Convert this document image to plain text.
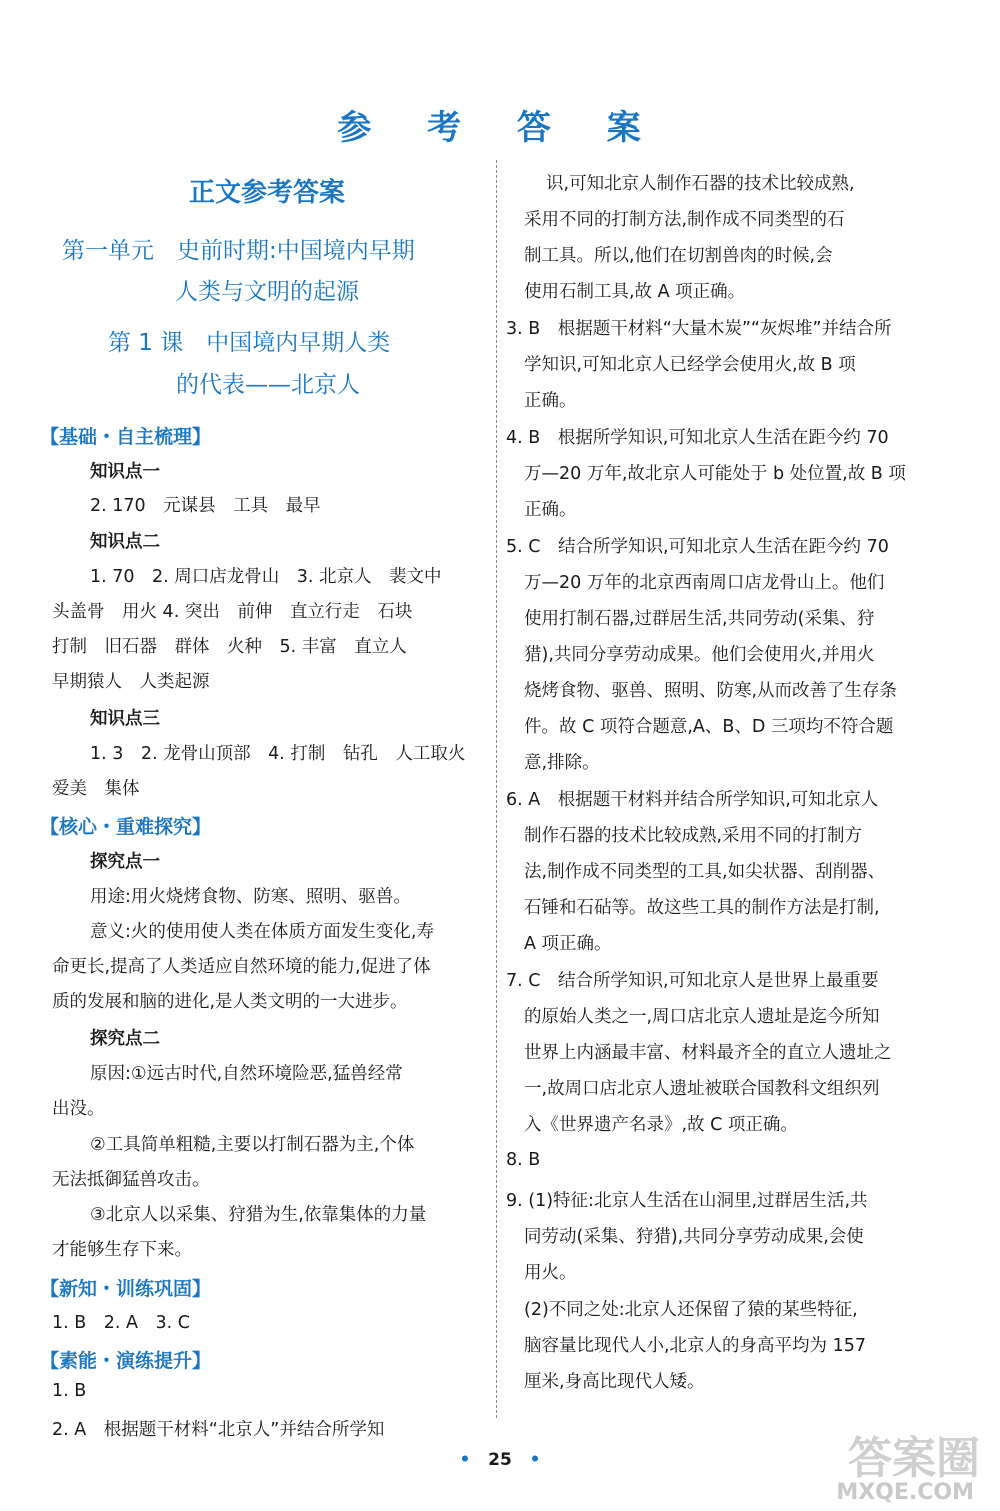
参 考 答 案
正文参考答案
第一单元　史前时期:中国境内早期
人类与文明的起源
第 1 课　中国境内早期人类
的代表——北京人
【基础・自主梳理】
知识点一
2. 170　元谋县　工具　最早
知识点二
1. 70　2. 周口店龙骨山　3. 北京人　裴文中
头盖骨　用火 4. 突出　前伸　直立行走　石块
打制　旧石器　群体　火种　5. 丰富　直立人
早期猿人　人类起源
知识点三
1. 3　2. 龙骨山顶部　4. 打制　钻孔　人工取火
爱美　集体
【核心・重难探究】
探究点一
用途:用火烧烤食物、防寒、照明、驱兽。
意义:火的使用使人类在体质方面发生变化,寿
命更长,提高了人类适应自然环境的能力,促进了体
质的发展和脑的进化,是人类文明的一大进步。
探究点二
原因:①远古时代,自然环境险恶,猛兽经常
出没。
②工具简单粗糙,主要以打制石器为主,个体
无法抵御猛兽攻击。
③北京人以采集、狩猎为生,依靠集体的力量
才能够生存下来。
【新知・训练巩固】
1. B　2. A　3. C
【素能・演练提升】
1. B
2. A　根据题干材料“北京人”并结合所学知
识,可知北京人制作石器的技术比较成熟,
采用不同的打制方法,制作成不同类型的石
制工具。所以,他们在切割兽肉的时候,会
使用石制工具,故 A 项正确。
3. B　根据题干材料“大量木炭”“灰烬堆”并结合所
学知识,可知北京人已经学会使用火,故 B 项
正确。
4. B　根据所学知识,可知北京人生活在距今约 70
万—20 万年,故北京人可能处于 b 处位置,故 B 项
正确。
5. C　结合所学知识,可知北京人生活在距今约 70
万—20 万年的北京西南周口店龙骨山上。他们
使用打制石器,过群居生活,共同劳动(采集、狩
猎),共同分享劳动成果。他们会使用火,并用火
烧烤食物、驱兽、照明、防寒,从而改善了生存条
件。故 C 项符合题意,A、B、D 三项均不符合题
意,排除。
6. A　根据题干材料并结合所学知识,可知北京人
制作石器的技术比较成熟,采用不同的打制方
法,制作成不同类型的工具,如尖状器、刮削器、
石锤和石砧等。故这些工具的制作方法是打制,
A 项正确。
7. C　结合所学知识,可知北京人是世界上最重要
的原始人类之一,周口店北京人遗址是迄今所知
世界上内涵最丰富、材料最齐全的直立人遗址之
一,故周口店北京人遗址被联合国教科文组织列
入《世界遗产名录》,故 C 项正确。
8. B
9. (1)特征:北京人生活在山洞里,过群居生活,共
同劳动(采集、狩猎),共同分享劳动成果,会使
用火。
(2)不同之处:北京人还保留了猿的某些特征,
脑容量比现代人小,北京人的身高平均为 157
厘米,身高比现代人矮。
• 25 •	答案圈
MXQE.COM
